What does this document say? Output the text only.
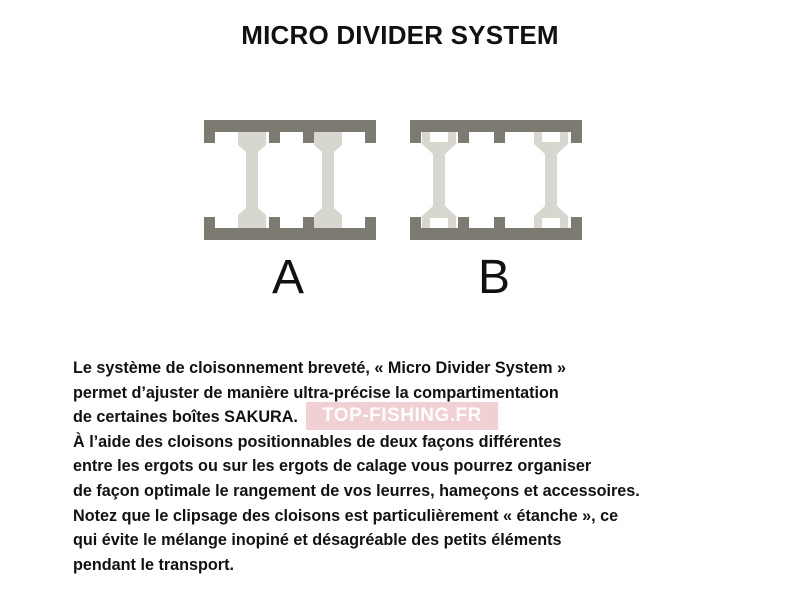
MICRO DIVIDER SYSTEM
A	B

Le système de cloisonnement breveté, « Micro Divider System »

permet d’ajuster de manière ultra-précise la compartimentation

de certaines boîtes SAKURA.

À l’aide des cloisons positionnables de deux façons différentes

entre les ergots ou sur les ergots de calage vous pourrez organiser

de façon optimale le rangement de vos leurres, hameçons et accessoires.

Notez que le clipsage des cloisons est particulièrement « étanche », ce

qui évite le mélange inopiné et désagréable des petits éléments

pendant le transport.

TOP-FISHING.FR
